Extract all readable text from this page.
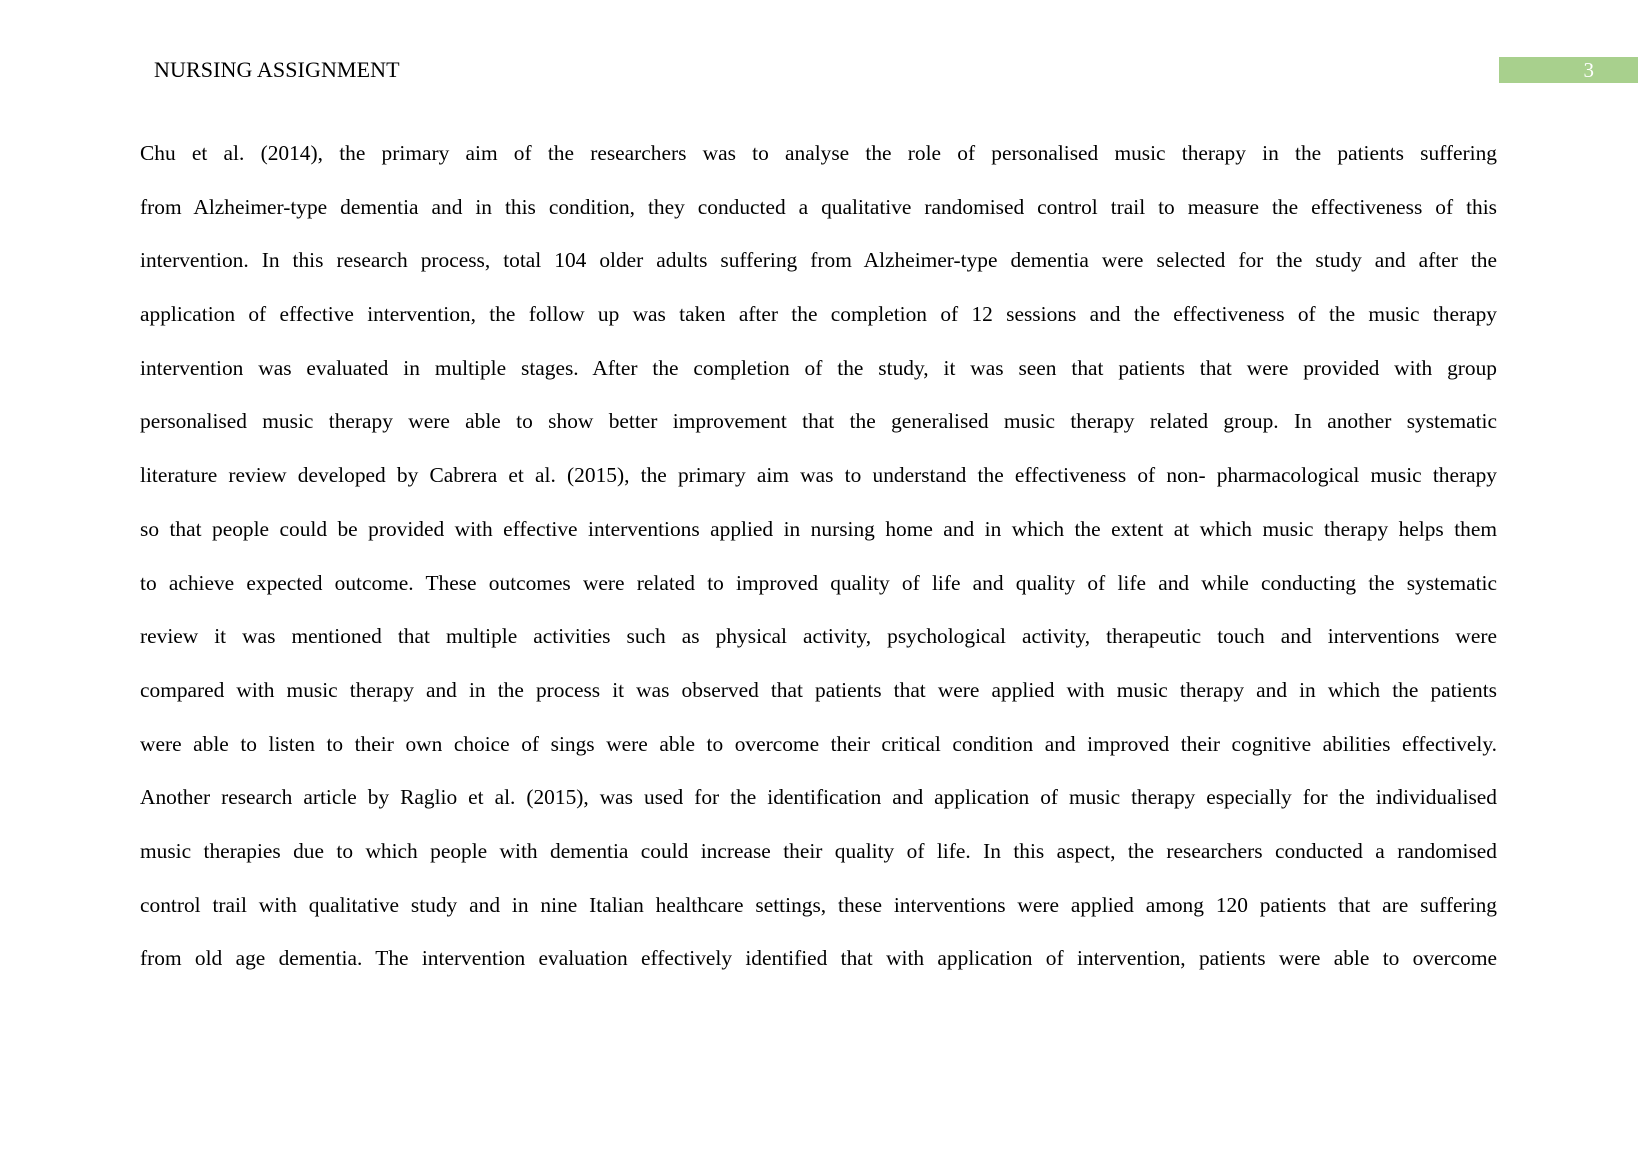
NURSING ASSIGNMENT	3
Chu et al. (2014), the primary aim of the researchers was to analyse the role of personalised music therapy in the patients suffering
from Alzheimer-type dementia and in this condition, they conducted a qualitative randomised control trail to measure the effectiveness of this
intervention. In this research process, total 104 older adults suffering from Alzheimer-type dementia were selected for the study and after the
application of effective intervention, the follow up was taken after the completion of 12 sessions and the effectiveness of the music therapy
intervention was evaluated in multiple stages. After the completion of the study, it was seen that patients that were provided with group
personalised music therapy were able to show better improvement that the generalised music therapy related group. In another systematic
literature review developed by Cabrera et al. (2015), the primary aim was to understand the effectiveness of non- pharmacological music therapy
so that people could be provided with effective interventions applied in nursing home and in which the extent at which music therapy helps them
to achieve expected outcome. These outcomes were related to improved quality of life and quality of life and while conducting the systematic
review it was mentioned that multiple activities such as physical activity, psychological activity, therapeutic touch and interventions were
compared with music therapy and in the process it was observed that patients that were applied with music therapy and in which the patients
were able to listen to their own choice of sings were able to overcome their critical condition and improved their cognitive abilities effectively.
Another research article by Raglio et al. (2015), was used for the identification and application of music therapy especially for the individualised
music therapies due to which people with dementia could increase their quality of life. In this aspect, the researchers conducted a randomised
control trail with qualitative study and in nine Italian healthcare settings, these interventions were applied among 120 patients that are suffering
from old age dementia. The intervention evaluation effectively identified that with application of intervention, patients were able to overcome
